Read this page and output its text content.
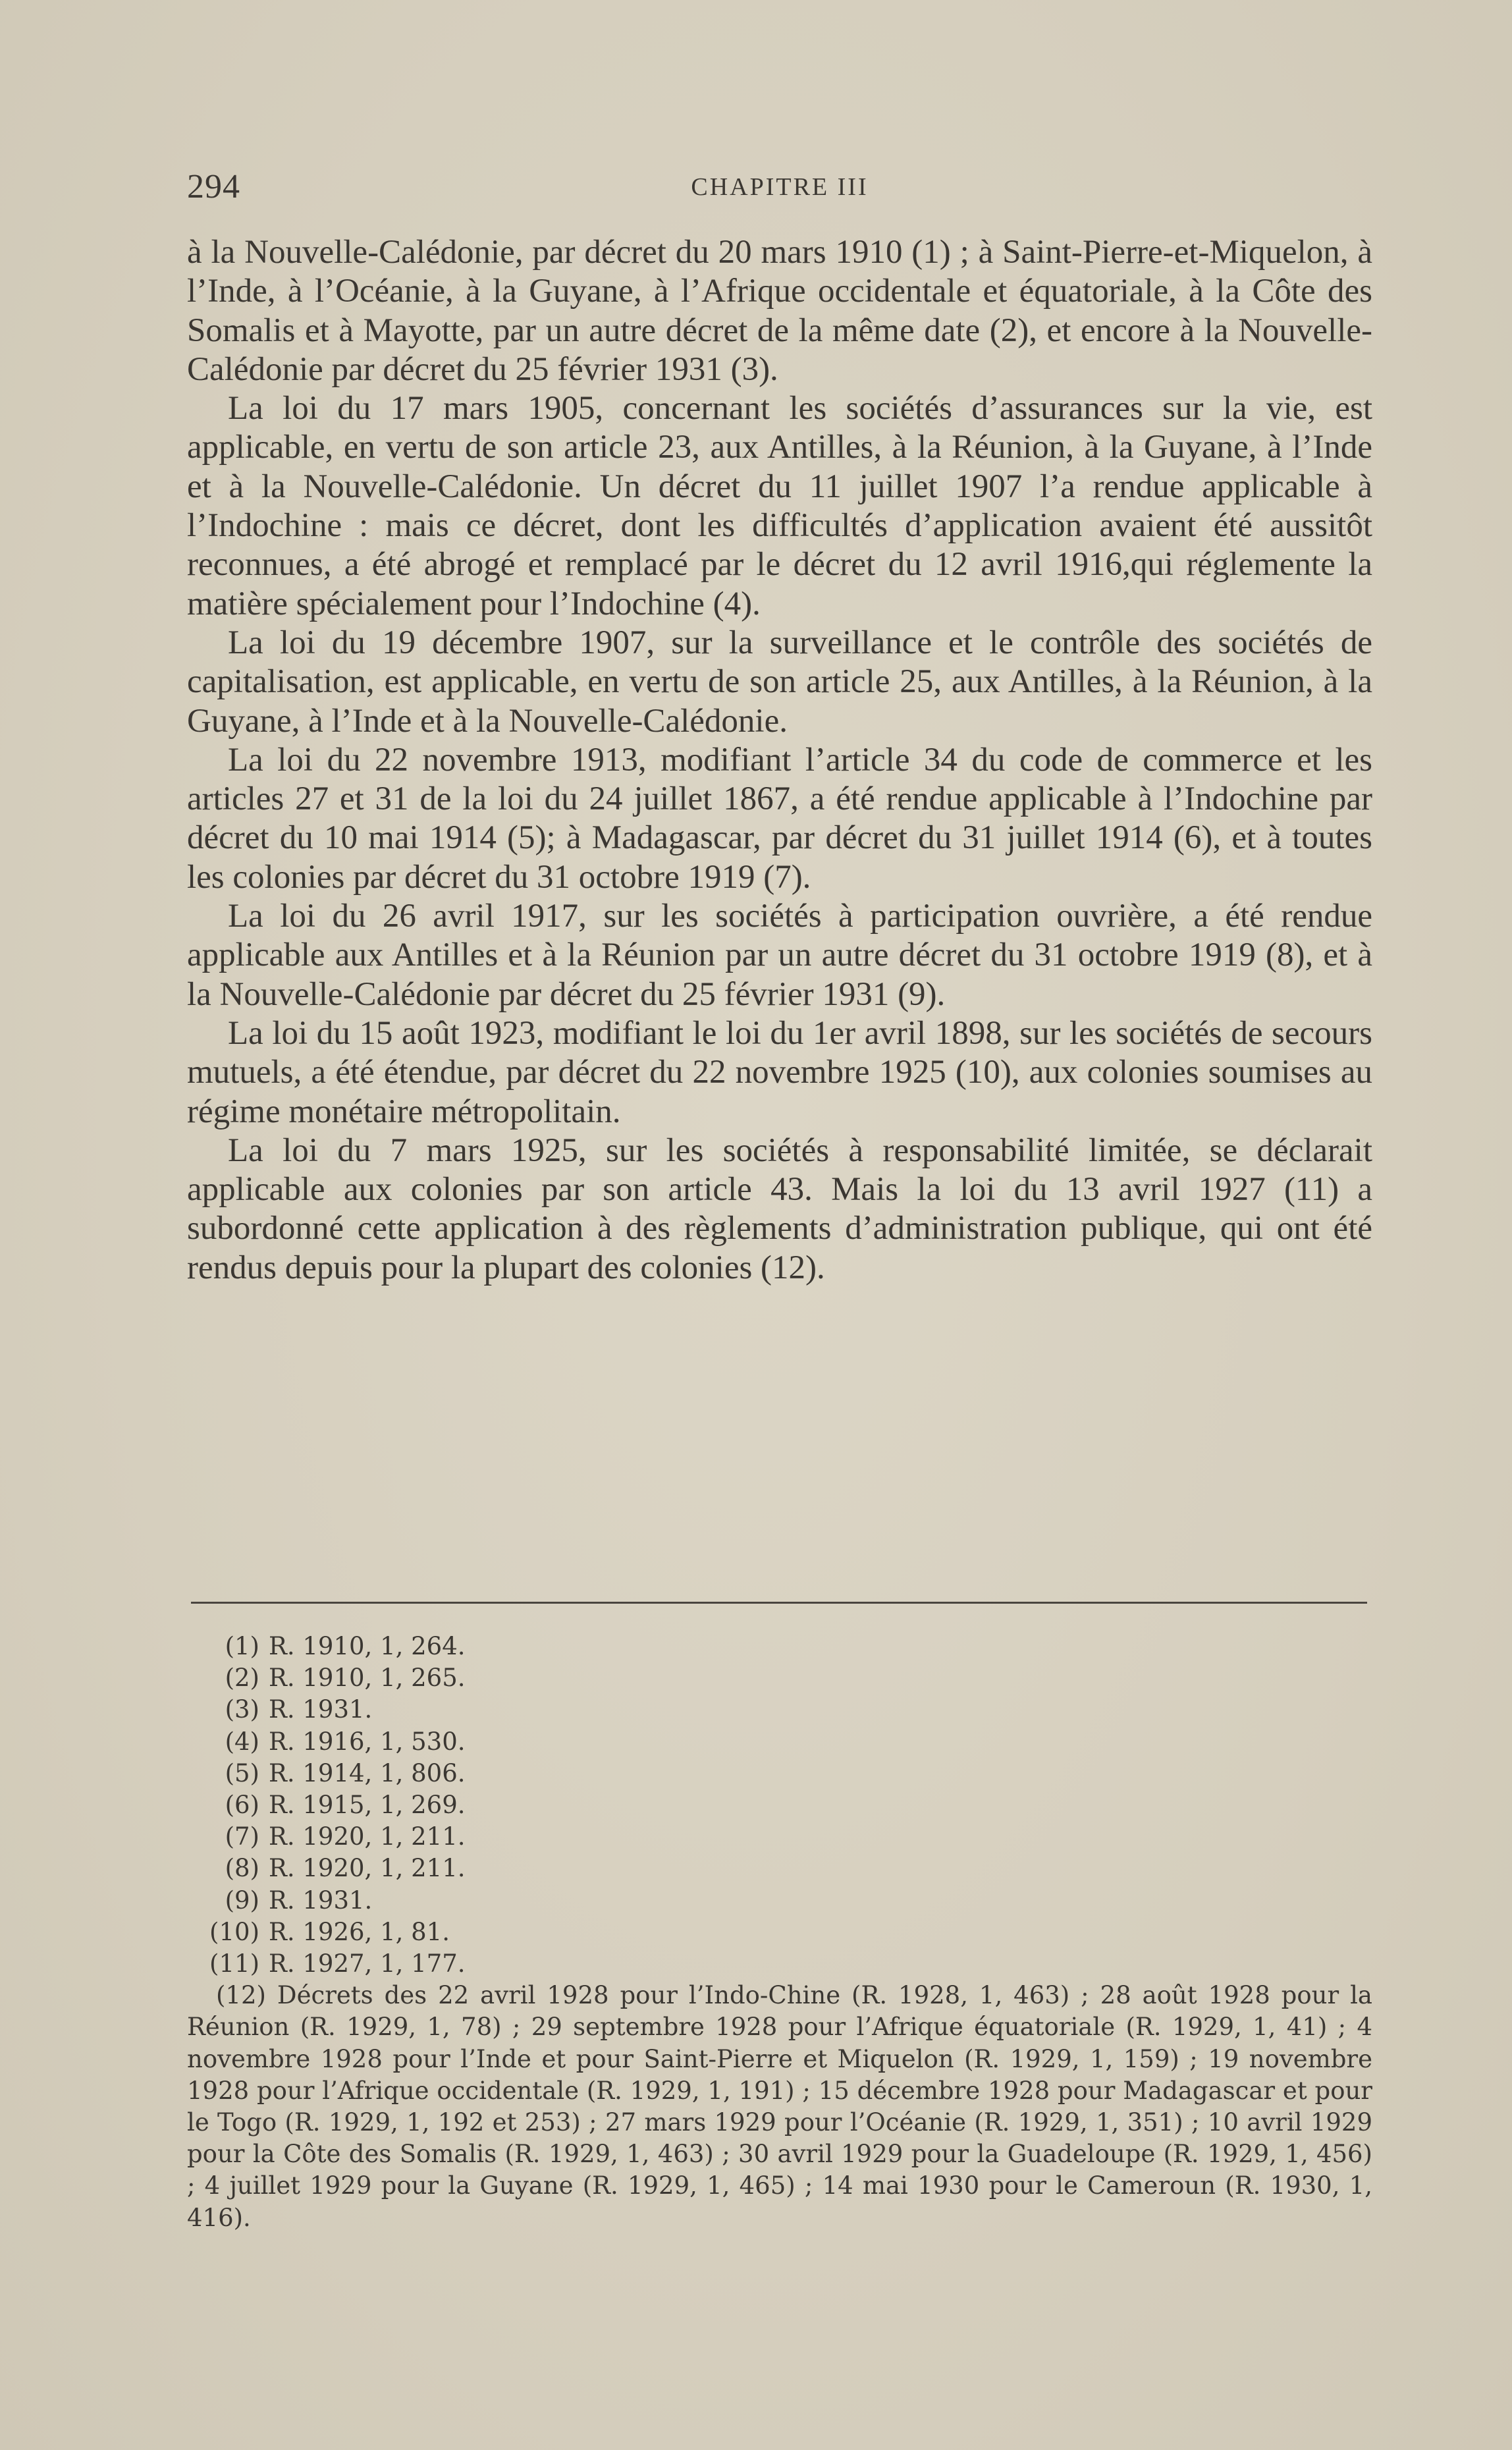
294	CHAPITRE III

à la Nouvelle-Calédonie, par décret du 20 mars 1910 (1) ; à Saint-Pierre-et-Miquelon, à l’Inde, à l’Océanie, à la Guyane, à l’Afrique occidentale et équatoriale, à la Côte des Somalis et à Mayotte, par un autre décret de la même date (2), et encore à la Nouvelle-Calédonie par décret du 25 février 1931 (3).

La loi du 17 mars 1905, concernant les sociétés d’assurances sur la vie, est applicable, en vertu de son article 23, aux Antilles, à la Réunion, à la Guyane, à l’Inde et à la Nouvelle-Calédonie. Un décret du 11 juillet 1907 l’a rendue applicable à l’Indochine : mais ce décret, dont les difficultés d’application avaient été aussitôt reconnues, a été abrogé et remplacé par le décret du 12 avril 1916,qui réglemente la matière spécialement pour l’Indochine (4).

La loi du 19 décembre 1907, sur la surveillance et le contrôle des sociétés de capitalisation, est applicable, en vertu de son article 25, aux Antilles, à la Réunion, à la Guyane, à l’Inde et à la Nouvelle-Calédonie.

La loi du 22 novembre 1913, modifiant l’article 34 du code de commerce et les articles 27 et 31 de la loi du 24 juillet 1867, a été rendue applicable à l’Indochine par décret du 10 mai 1914 (5); à Madagascar, par décret du 31 juillet 1914 (6), et à toutes les colonies par décret du 31 octobre 1919 (7).

La loi du 26 avril 1917, sur les sociétés à participation ouvrière, a été rendue applicable aux Antilles et à la Réunion par un autre décret du 31 octobre 1919 (8), et à la Nouvelle-Calédonie par décret du 25 février 1931 (9).

La loi du 15 août 1923, modifiant le loi du 1er avril 1898, sur les sociétés de secours mutuels, a été étendue, par décret du 22 novembre 1925 (10), aux colonies soumises au régime monétaire métropolitain.

La loi du 7 mars 1925, sur les sociétés à responsabilité limitée, se déclarait applicable aux colonies par son article 43. Mais la loi du 13 avril 1927 (11) a subordonné cette application à des règlements d’administration publique, qui ont été rendus depuis pour la plupart des colonies (12).

(1) R. 1910, 1, 264.
(2) R. 1910, 1, 265.
(3) R. 1931.
(4) R. 1916, 1, 530.
(5) R. 1914, 1, 806.
(6) R. 1915, 1, 269.
(7) R. 1920, 1, 211.
(8) R. 1920, 1, 211.
(9) R. 1931.
(10) R. 1926, 1, 81.
(11) R. 1927, 1, 177.
(12) Décrets des 22 avril 1928 pour l’Indo-Chine (R. 1928, 1, 463) ; 28 août 1928 pour la Réunion (R. 1929, 1, 78) ; 29 septembre 1928 pour l’Afrique équatoriale (R. 1929, 1, 41) ; 4 novembre 1928 pour l’Inde et pour Saint-Pierre et Miquelon (R. 1929, 1, 159) ; 19 novembre 1928 pour l’Afrique occidentale (R. 1929, 1, 191) ; 15 décembre 1928 pour Madagascar et pour le Togo (R. 1929, 1, 192 et 253) ; 27 mars 1929 pour l’Océanie (R. 1929, 1, 351) ; 10 avril 1929 pour la Côte des Somalis (R. 1929, 1, 463) ; 30 avril 1929 pour la Guadeloupe (R. 1929, 1, 456) ; 4 juillet 1929 pour la Guyane (R. 1929, 1, 465) ; 14 mai 1930 pour le Cameroun (R. 1930, 1, 416).
